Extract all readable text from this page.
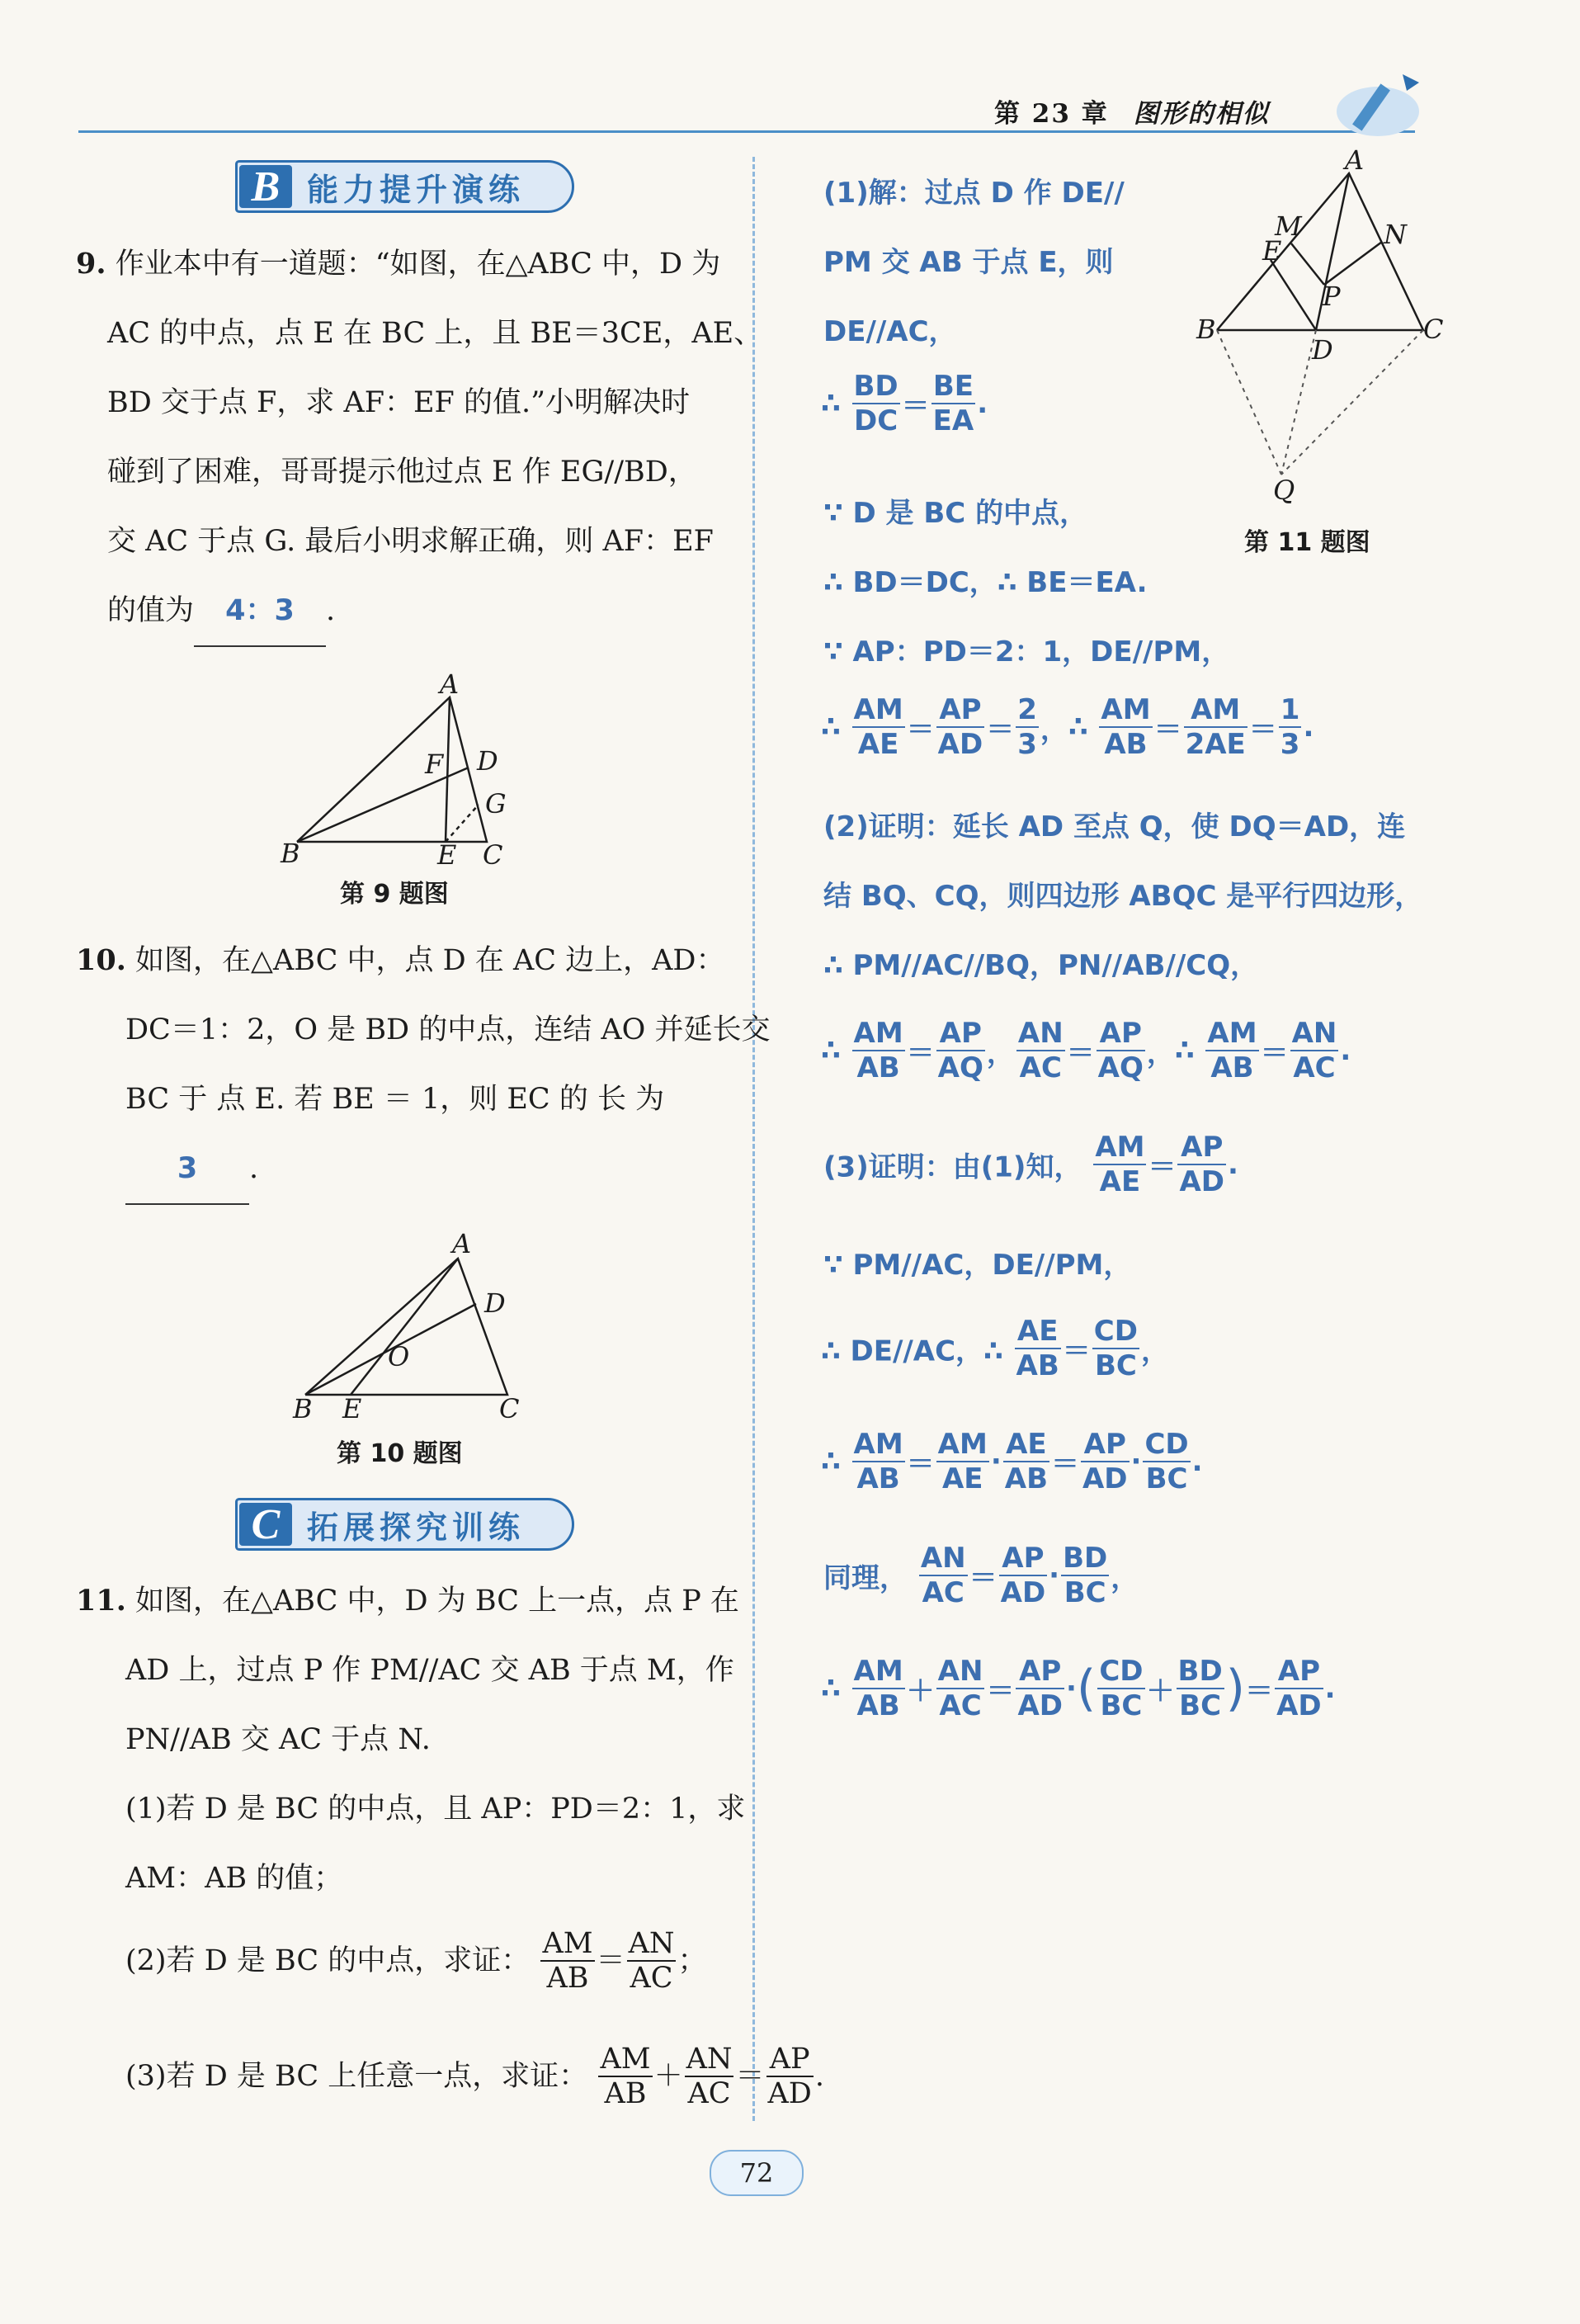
第 23 章 图形的相似
B 能力提升演练
9. 作业本中有一道题：“如图，在△ABC 中，D 为
AC 的中点，点 E 在 BC 上，且 BE＝3CE，AE、
BD 交于点 F，求 AF：EF 的值.”小明解决时
碰到了困难，哥哥提示他过点 E 作 EG//BD，
交 AC 于点 G. 最后小明求解正确，则 AF：EF
的值为 4：3 .
A
B	C
D
E
F
G
第 9 题图
10. 如图，在△ABC 中，点 D 在 AC 边上，AD：
DC＝1：2，O 是 BD 的中点，连结 AO 并延长交
BC 于 点 E. 若 BE ＝ 1，则 EC 的 长 为
3 .
A
B	C
D
E
O
第 10 题图
C 拓展探究训练
11. 如图，在△ABC 中，D 为 BC 上一点，点 P 在
AD 上，过点 P 作 PM//AC 交 AB 于点 M，作
PN//AB 交 AC 于点 N.
(1)若 D 是 BC 的中点，且 AP：PD＝2：1，求
AM：AB 的值；
(2)若 D 是 BC 的中点，求证： $\frac{AM}{AB} = \frac{AN}{AC}$ ；
(3)若 D 是 BC 上任意一点，求证： $\frac{AM}{AB} + \frac{AN}{AC} = \frac{AP}{AD}$ .
A
B	C
D
E
M	N
P
Q
第 11 题图
(1)解：过点 D 作 DE//
PM 交 AB 于点 E，则
DE//AC，
∴ $\frac{BD}{DC} = \frac{BE}{EA}$ .
∵ D 是 BC 的中点，
∴ BD＝DC，∴ BE＝EA.
∵ AP：PD＝2：1，DE//PM，
∴ $\frac{AM}{AE} = \frac{AP}{AD} = \frac{2}{3}$ ，∴ $\frac{AM}{AB} = \frac{AM}{2AE} = \frac{1}{3}$ .
(2)证明：延长 AD 至点 Q，使 DQ＝AD，连
结 BQ、CQ，则四边形 ABQC 是平行四边形，
∴ PM//AC//BQ，PN//AB//CQ，
∴ $\frac{AM}{AB} = \frac{AP}{AQ}$ ， $\frac{AN}{AC} = \frac{AP}{AQ}$ ，∴ $\frac{AM}{AB} = \frac{AN}{AC}$ .
(3)证明：由(1)知， $\frac{AM}{AE} = \frac{AP}{AD}$ .
∵ PM//AC，DE//PM，
∴ DE//AC，∴ $\frac{AE}{AB} = \frac{CD}{BC}$ ，
∴ $\frac{AM}{AB} = \frac{AM}{AE} \cdot \frac{AE}{AB} = \frac{AP}{AD} \cdot \frac{CD}{BC}$ .
同理， $\frac{AN}{AC} = \frac{AP}{AD} \cdot \frac{BD}{BC}$ ，
∴ $\frac{AM}{AB} + \frac{AN}{AC} = \frac{AP}{AD}$ ·( $\frac{CD}{BC} + \frac{BD}{BC}$ )＝ $\frac{AP}{AD}$ .
72
